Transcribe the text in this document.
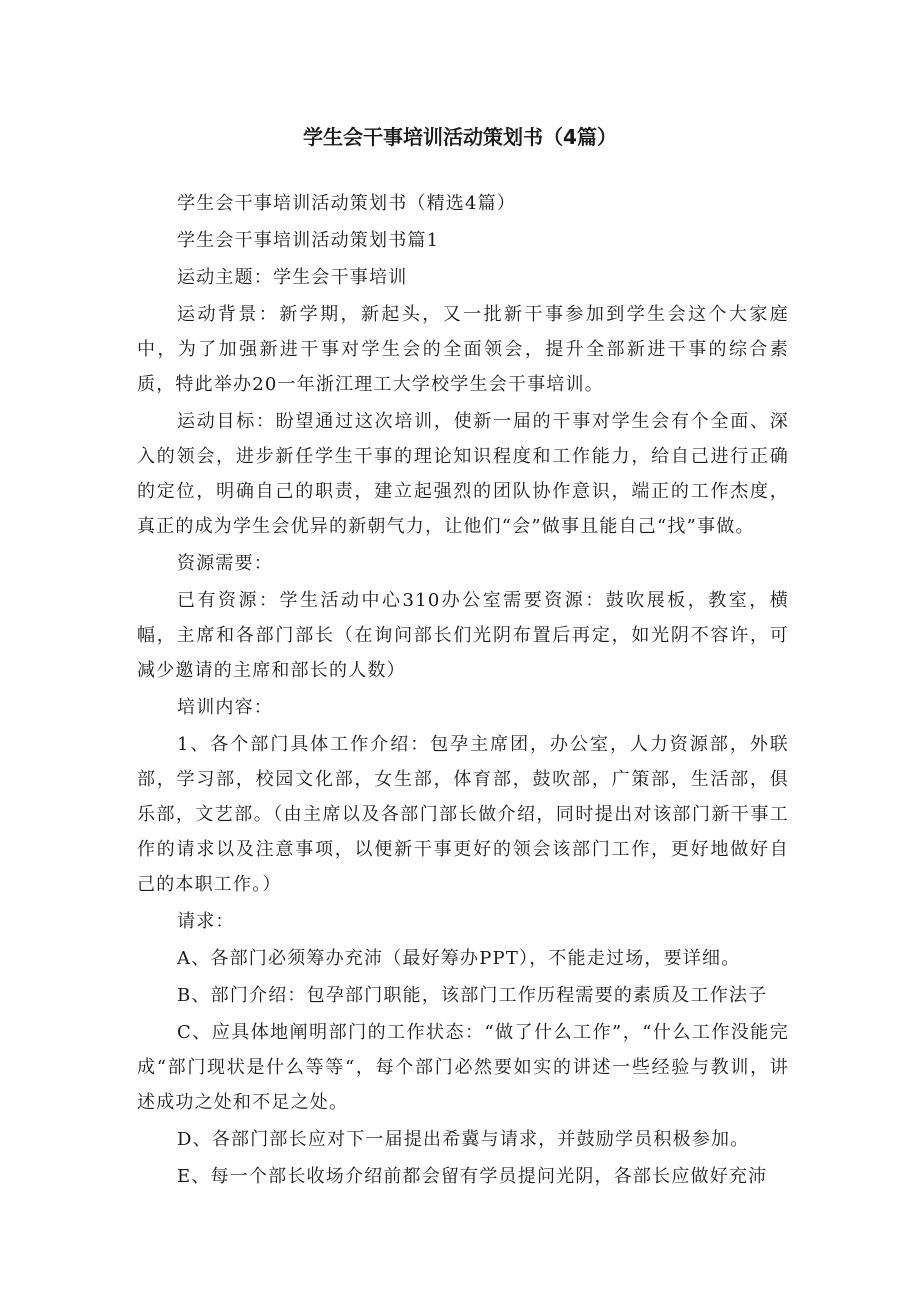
学生会干事培训活动策划书（4篇）

学生会干事培训活动策划书（精选4篇）

学生会干事培训活动策划书篇1

运动主题：学生会干事培训

运动背景：新学期，新起头，又一批新干事参加到学生会这个大家庭中，为了加强新进干事对学生会的全面领会，提升全部新进干事的综合素质，特此举办20一年浙江理工大学校学生会干事培训。

运动目标：盼望通过这次培训，使新一届的干事对学生会有个全面、深入的领会，进步新任学生干事的理论知识程度和工作能力，给自己进行正确的定位，明确自己的职责，建立起强烈的团队协作意识，端正的工作杰度，真正的成为学生会优异的新朝气力，让他们“会”做事且能自己“找”事做。

资源需要：

已有资源：学生活动中心310办公室需要资源：鼓吹展板，教室，横幅，主席和各部门部长（在询问部长们光阴布置后再定，如光阴不容许，可减少邀请的主席和部长的人数）

培训内容：

1、各个部门具体工作介绍：包孕主席团，办公室，人力资源部，外联部，学习部，校园文化部，女生部，体育部，鼓吹部，广策部，生活部，俱乐部，文艺部。（由主席以及各部门部长做介绍，同时提出对该部门新干事工作的请求以及注意事项，以便新干事更好的领会该部门工作，更好地做好自己的本职工作。）

请求：

A、各部门必须筹办充沛（最好筹办PPT），不能走过场，要详细。

B、部门介绍：包孕部门职能，该部门工作历程需要的素质及工作法子

C、应具体地阐明部门的工作状态：“做了什么工作”，“什么工作没能完成“部门现状是什么等等“，每个部门必然要如实的讲述一些经验与教训，讲述成功之处和不足之处。

D、各部门部长应对下一届提出希冀与请求，并鼓励学员积极参加。

E、每一个部长收场介绍前都会留有学员提问光阴，各部长应做好充沛
